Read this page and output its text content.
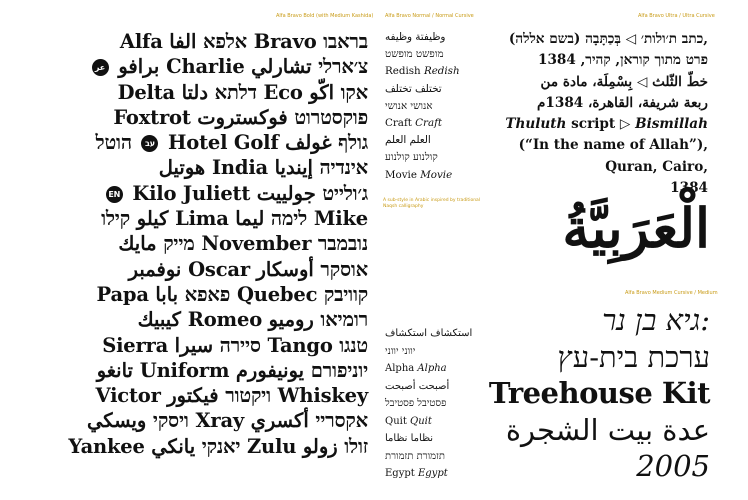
Alfa Bravo Bold (with Medium Kashida) Alfa Bravo Normal / Normal Cursive	Alfa Bravo Ultra / Ultra Cursive
Alfa Bravo Medium Cursive / Medium
Alfa אלפא الفا Bravo בראבו
عر برافو Charlie צ׳ארלי تشارلي
Delta דלתא دلتا Eco אקו اكّو
Foxtrot פוקסטרוט فوكستروت
הוטל עב Hotel Golf גולף غولف
هوتيل India אינדיה إينديا
EN Kilo Juliett ג׳ולייט جولييت
كيلو קילו Lima לימה ليما Mike
מייק مايك November נובמבר
نوفمبر Oscar אוסקר أوسكار
Papa פאפא بابا Quebec קוויבק
كيبيك Romeo רומיאו روميو
Sierra סיירה سيرا Tango טנגו
تانغو Uniform יוניפורם يونيفورم
Victor ויקטור فيكتور Whiskey
ויסקי ويسكي	Xray אקסריי أكسري
Yankee יאנקי يانكي Zulu זולו زولو
وظيفتة وظيفه
מופשט מופשט
Redish Redish
تختلف تختلف
אנושי אנושי
Craft Craft
العلم العلم
קולנוע קולנוע
Movie Movie
כתב ת׳ולות׳ ◁ בְּכַתָּבָה (בשם אללה),
פרט מתוך קוראן, קהיר, 1384
خطّ الثّلث ◁ بِسْمِلَة، مادة من
ربعة شريفة، القاهرة، 1384م
Thuluth script ▷ Bismillah
(“In the name of Allah”),
Quran, Cairo,
1384
A sub-style in Arabic inspired by traditional Naqsh calligraphy	الْعَرَبِيَّةُ
استكشاف استكشاف
יווני יווני
Alpha Alpha
أصبحت أصبحت
פסטיבל פסטיבל
Quit Quit
نظاما نظاما
תזמורת תזמורת
Egypt Egypt
גיא בן נר:
ערכת בית-עץ
Treehouse Kit
عدة بيت الشجرة
2005
